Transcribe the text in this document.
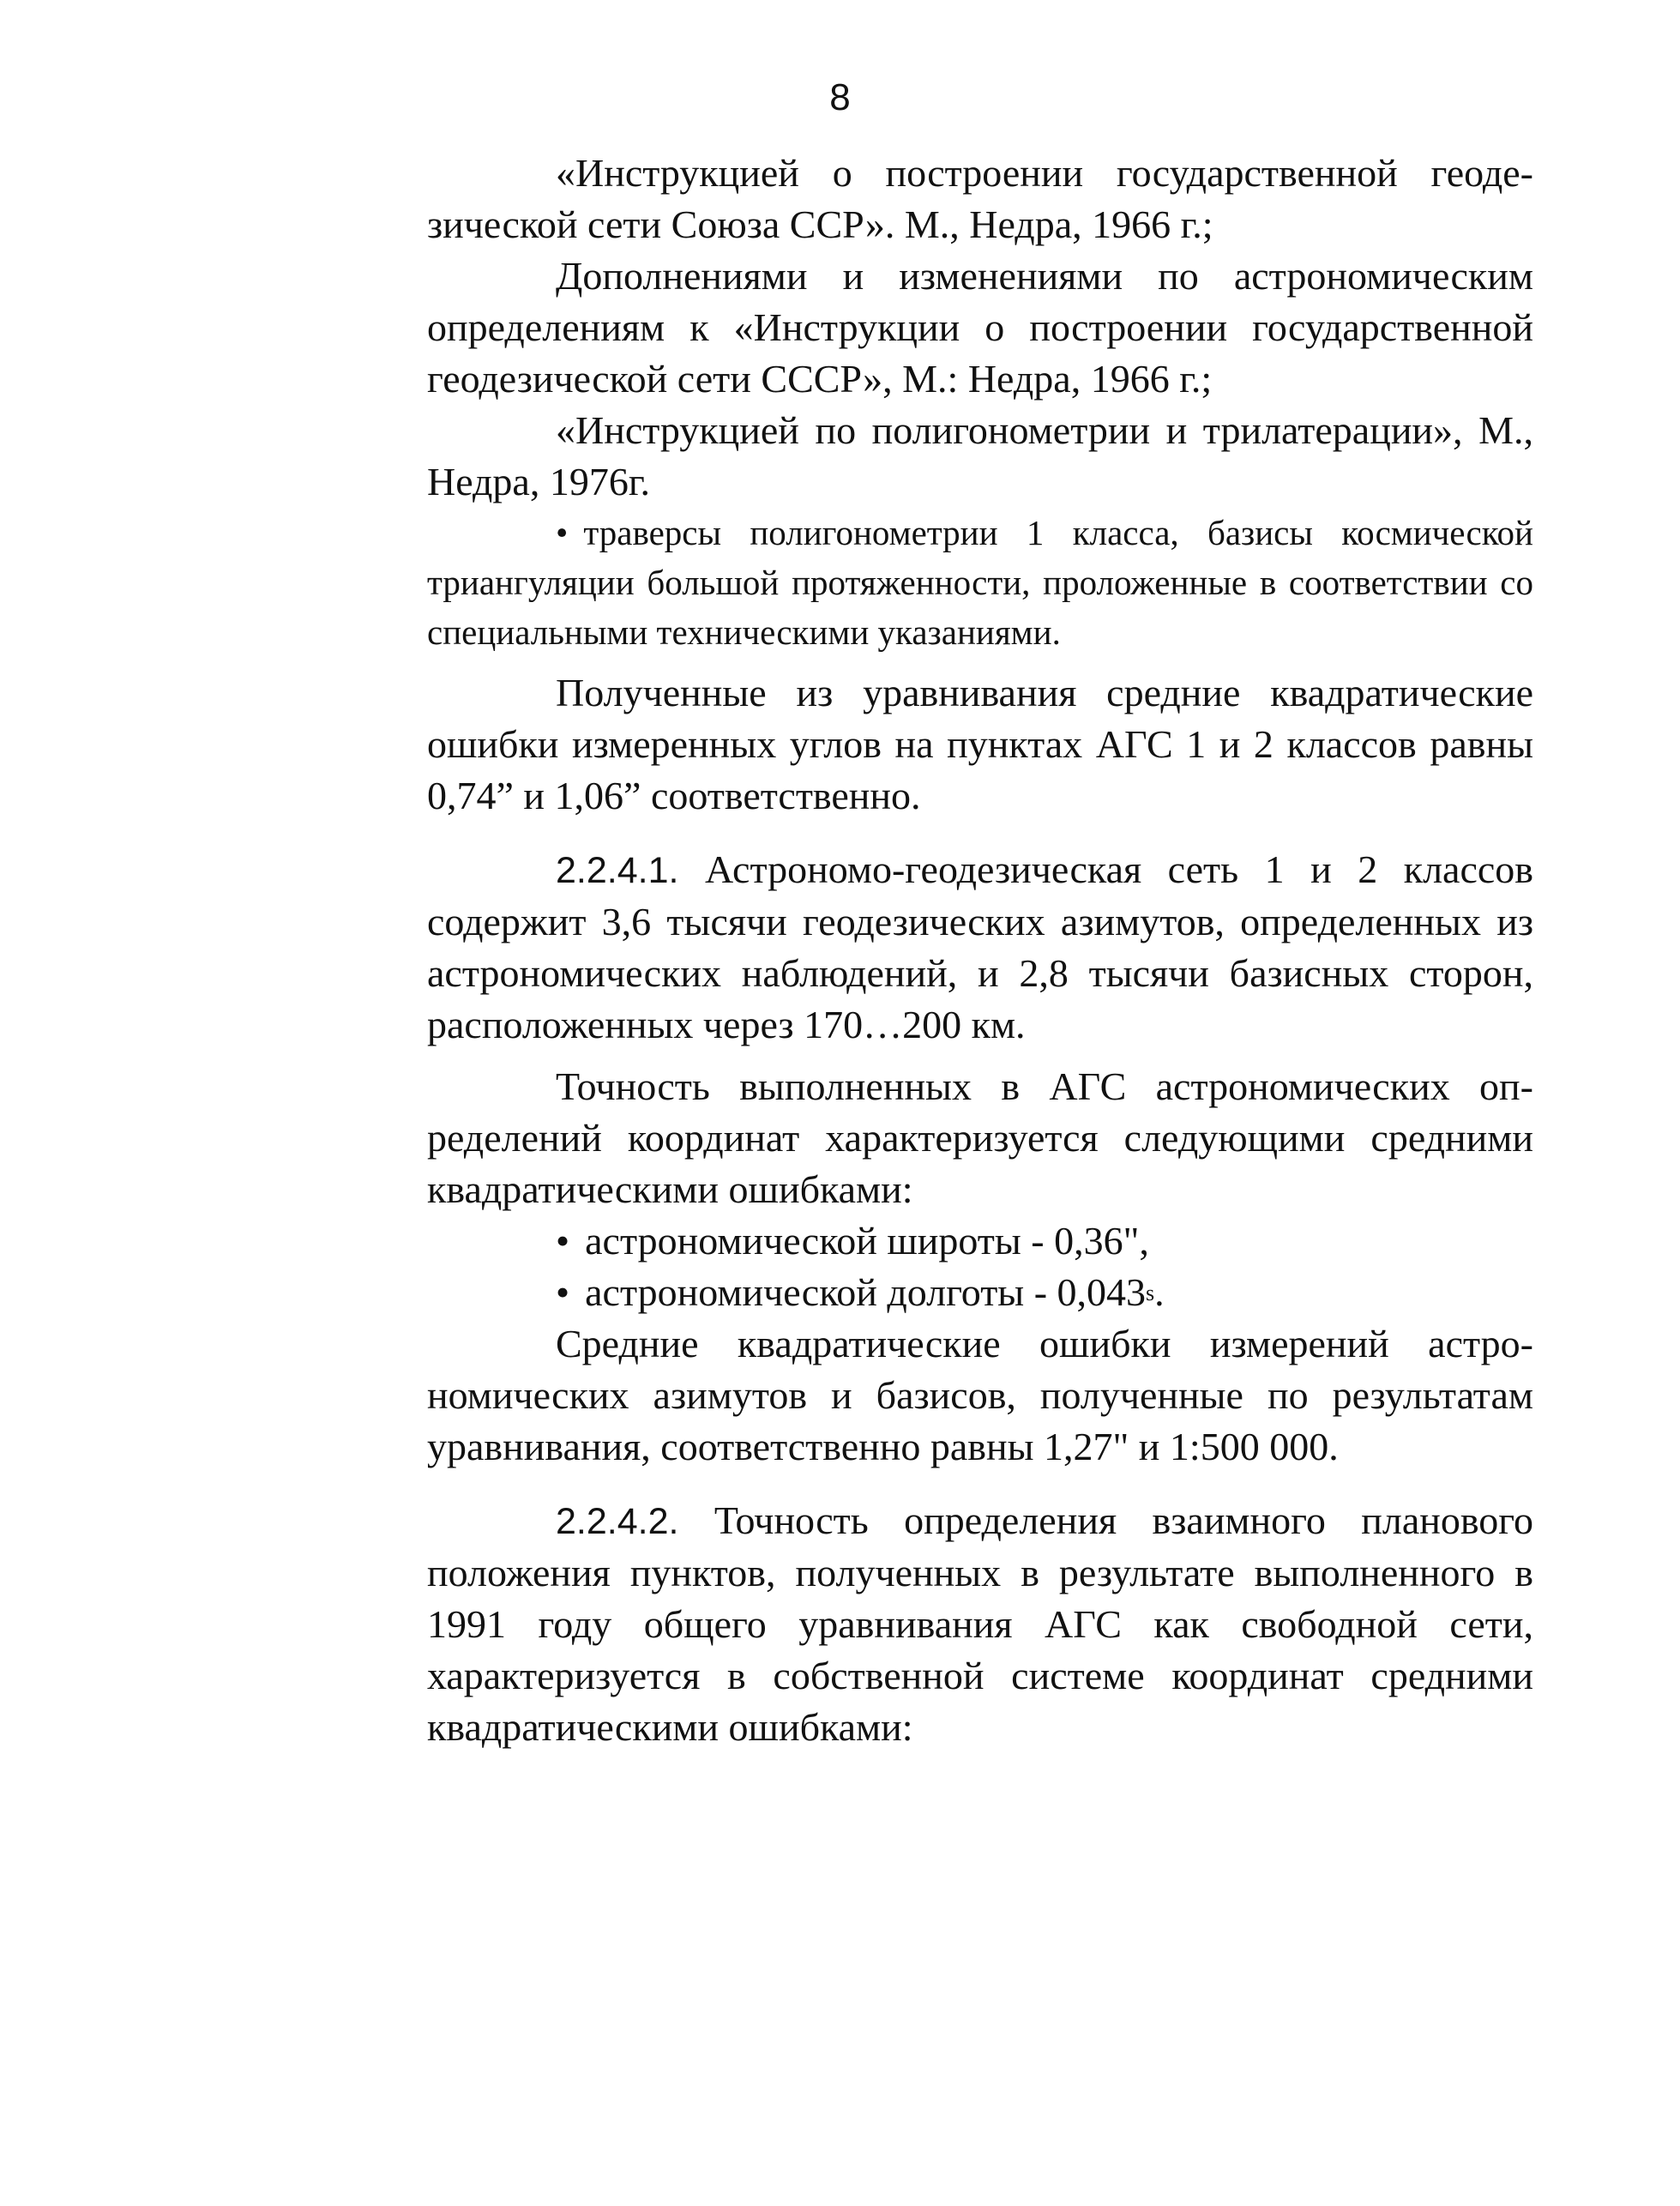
8

«Инструкцией о построении государственной геодезической сети Союза ССР». М., Недра, 1966 г.;

Дополнениями и изменениями по астрономическим определениям к «Инструкции о построении государственной геодезической сети СССР», М.: Недра, 1966 г.;

«Инструкцией по полигонометрии и трилатерации», М., Недра, 1976г.

• траверсы полигонометрии 1 класса, базисы космической триангуляции большой протяженности, проложенные в соответствии со специальными техническими указаниями.

Полученные из уравнивания средние квадратические ошибки измеренных углов на пунктах АГС 1 и 2 классов равны 0,74” и 1,06” соответственно.

2.2.4.1. Астрономо-геодезическая сеть 1 и 2 классов содержит 3,6 тысячи геодезических азимутов, определенных из астрономических наблюдений, и 2,8 тысячи базисных сторон, расположенных через 170…200 км.

Точность выполненных в АГС астрономических определений координат характеризуется следующими средними квадратическими ошибками:

• астрономической широты - 0,36",

• астрономической долготы - 0,043$^s$.

Средние квадратические ошибки измерений астрономических азимутов и базисов, полученные по результатам уравнивания, соответственно равны 1,27" и 1:500 000.

2.2.4.2. Точность определения взаимного планового положения пунктов, полученных в результате выполненного в 1991 году общего уравнивания АГС как свободной сети, характеризуется в собственной системе координат средними квадратическими ошибками:
